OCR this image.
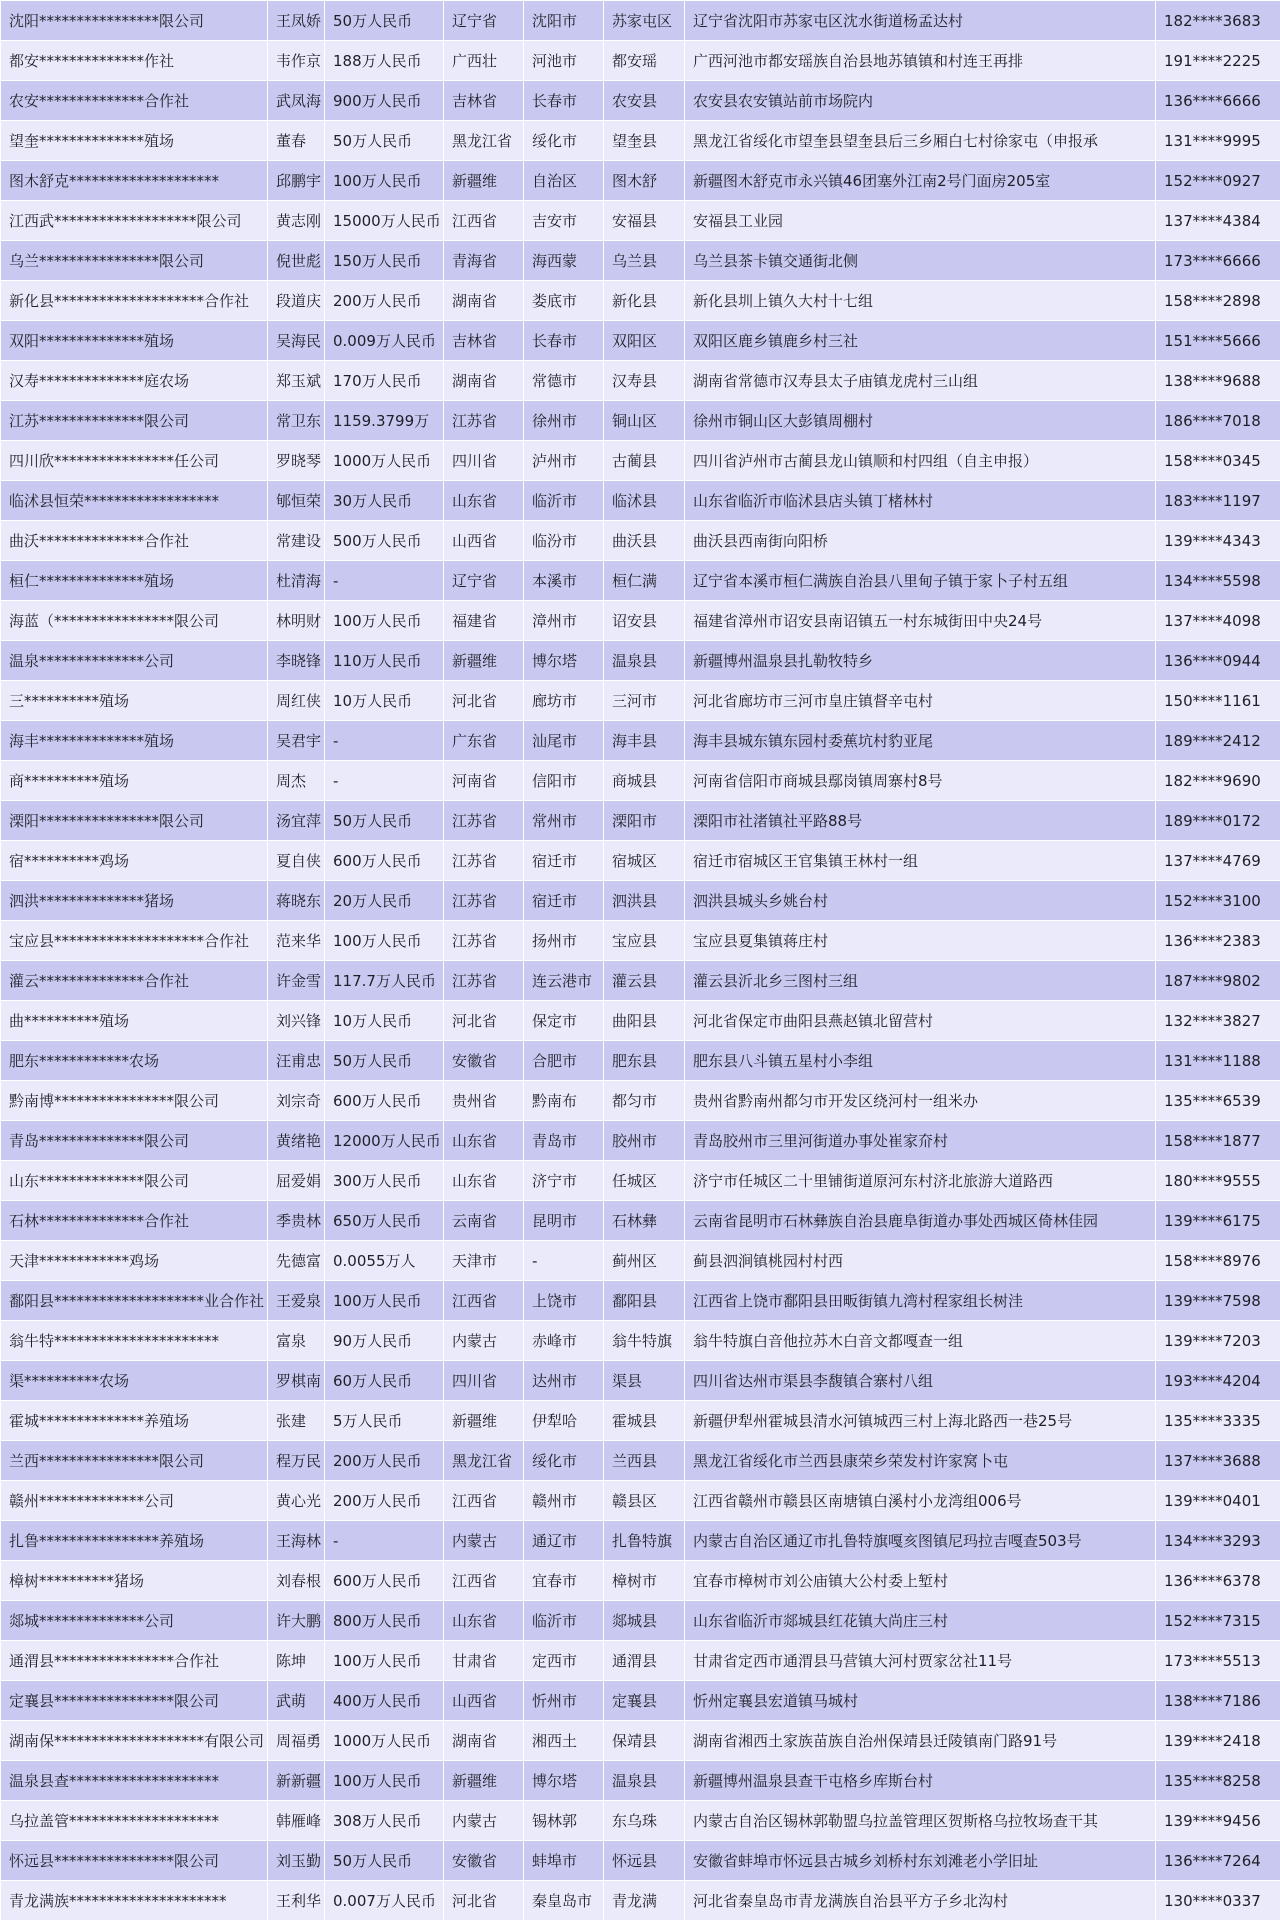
沈阳****************限公司	王凤娇	50万人民币	辽宁省	沈阳市	苏家屯区	辽宁省沈阳市苏家屯区沈水街道杨孟达村	182****3683
都安**************作社	韦作京	188万人民币	广西壮	河池市	都安瑶	广西河池市都安瑶族自治县地苏镇镇和村连王再排	191****2225
农安**************合作社	武凤海	900万人民币	吉林省	长春市	农安县	农安县农安镇站前市场院内	136****6666
望奎**************殖场	董春	50万人民币	黑龙江省	绥化市	望奎县	黑龙江省绥化市望奎县望奎县后三乡厢白七村徐家屯（申报承	131****9995
图木舒克********************	邱鹏宇	100万人民币	新疆维	自治区	图木舒	新疆图木舒克市永兴镇46团塞外江南2号门面房205室	152****0927
江西武*******************限公司	黄志刚	15000万人民币	江西省	吉安市	安福县	安福县工业园	137****4384
乌兰****************限公司	倪世彪	150万人民币	青海省	海西蒙	乌兰县	乌兰县茶卡镇交通街北侧	173****6666
新化县********************合作社	段道庆	200万人民币	湖南省	娄底市	新化县	新化县圳上镇久大村十七组	158****2898
双阳**************殖场	吴海民	0.009万人民币	吉林省	长春市	双阳区	双阳区鹿乡镇鹿乡村三社	151****5666
汉寿**************庭农场	郑玉斌	170万人民币	湖南省	常德市	汉寿县	湖南省常德市汉寿县太子庙镇龙虎村三山组	138****9688
江苏**************限公司	常卫东	1159.3799万	江苏省	徐州市	铜山区	徐州市铜山区大彭镇周棚村	186****7018
四川欣****************任公司	罗晓琴	1000万人民币	四川省	泸州市	古蔺县	四川省泸州市古蔺县龙山镇顺和村四组（自主申报）	158****0345
临沭县恒荣******************	郇恒荣	30万人民币	山东省	临沂市	临沭县	山东省临沂市临沭县店头镇丁楮林村	183****1197
曲沃**************合作社	常建设	500万人民币	山西省	临汾市	曲沃县	曲沃县西南街向阳桥	139****4343
桓仁**************殖场	杜清海	-	辽宁省	本溪市	桓仁满	辽宁省本溪市桓仁满族自治县八里甸子镇于家卜子村五组	134****5598
海蓝（****************限公司	林明财	100万人民币	福建省	漳州市	诏安县	福建省漳州市诏安县南诏镇五一村东城街田中央24号	137****4098
温泉**************公司	李晓锋	110万人民币	新疆维	博尔塔	温泉县	新疆博州温泉县扎勒牧特乡	136****0944
三**********殖场	周红侠	10万人民币	河北省	廊坊市	三河市	河北省廊坊市三河市皇庄镇督辛屯村	150****1161
海丰**************殖场	吴君宇	-	广东省	汕尾市	海丰县	海丰县城东镇东园村委蕉坑村豹亚尾	189****2412
商**********殖场	周杰	-	河南省	信阳市	商城县	河南省信阳市商城县鄢岗镇周寨村8号	182****9690
溧阳****************限公司	汤宜萍	50万人民币	江苏省	常州市	溧阳市	溧阳市社渚镇社平路88号	189****0172
宿**********鸡场	夏自侠	600万人民币	江苏省	宿迁市	宿城区	宿迁市宿城区王官集镇王林村一组	137****4769
泗洪**************猪场	蒋晓东	20万人民币	江苏省	宿迁市	泗洪县	泗洪县城头乡姚台村	152****3100
宝应县********************合作社	范来华	100万人民币	江苏省	扬州市	宝应县	宝应县夏集镇蒋庄村	136****2383
灌云**************合作社	许金雪	117.7万人民币	江苏省	连云港市	灌云县	灌云县沂北乡三图村三组	187****9802
曲**********殖场	刘兴锋	10万人民币	河北省	保定市	曲阳县	河北省保定市曲阳县燕赵镇北留营村	132****3827
肥东************农场	汪甫忠	50万人民币	安徽省	合肥市	肥东县	肥东县八斗镇五星村小李组	131****1188
黔南博****************限公司	刘宗奇	600万人民币	贵州省	黔南布	都匀市	贵州省黔南州都匀市开发区绕河村一组米办	135****6539
青岛**************限公司	黄绪艳	12000万人民币	山东省	青岛市	胶州市	青岛胶州市三里河街道办事处崔家夼村	158****1877
山东**************限公司	屈爱娟	300万人民币	山东省	济宁市	任城区	济宁市任城区二十里铺街道原河东村济北旅游大道路西	180****9555
石林**************合作社	季贵林	650万人民币	云南省	昆明市	石林彝	云南省昆明市石林彝族自治县鹿阜街道办事处西城区倚林佳园	139****6175
天津************鸡场	先德富	0.0055万人	天津市	-	蓟州区	蓟县泗涧镇桃园村村西	158****8976
鄱阳县********************业合作社	王爱泉	100万人民币	江西省	上饶市	鄱阳县	江西省上饶市鄱阳县田畈街镇九湾村程家组长树洼	139****7598
翁牛特**********************	富泉	90万人民币	内蒙古	赤峰市	翁牛特旗	翁牛特旗白音他拉苏木白音文都嘎查一组	139****7203
渠**********农场	罗棋南	60万人民币	四川省	达州市	渠县	四川省达州市渠县李馥镇合寨村八组	193****4204
霍城**************养殖场	张建	5万人民币	新疆维	伊犁哈	霍城县	新疆伊犁州霍城县清水河镇城西三村上海北路西一巷25号	135****3335
兰西****************限公司	程万民	200万人民币	黑龙江省	绥化市	兰西县	黑龙江省绥化市兰西县康荣乡荣发村许家窝卜屯	137****3688
赣州**************公司	黄心光	200万人民币	江西省	赣州市	赣县区	江西省赣州市赣县区南塘镇白溪村小龙湾组006号	139****0401
扎鲁****************养殖场	王海林	-	内蒙古	通辽市	扎鲁特旗	内蒙古自治区通辽市扎鲁特旗嘎亥图镇尼玛拉吉嘎查503号	134****3293
樟树**********猪场	刘春根	600万人民币	江西省	宜春市	樟树市	宜春市樟树市刘公庙镇大公村委上堑村	136****6378
郯城**************公司	许大鹏	800万人民币	山东省	临沂市	郯城县	山东省临沂市郯城县红花镇大尚庄三村	152****7315
通渭县****************合作社	陈坤	100万人民币	甘肃省	定西市	通渭县	甘肃省定西市通渭县马营镇大河村贾家岔社11号	173****5513
定襄县****************限公司	武萌	400万人民币	山西省	忻州市	定襄县	忻州定襄县宏道镇马城村	138****7186
湖南保********************有限公司	周福勇	1000万人民币	湖南省	湘西土	保靖县	湖南省湘西土家族苗族自治州保靖县迁陵镇南门路91号	139****2418
温泉县查********************	新新疆	100万人民币	新疆维	博尔塔	温泉县	新疆博州温泉县查干屯格乡库斯台村	135****8258
乌拉盖管********************	韩雁峰	308万人民币	内蒙古	锡林郭	东乌珠	内蒙古自治区锡林郭勒盟乌拉盖管理区贺斯格乌拉牧场查干其	139****9456
怀远县****************限公司	刘玉勤	50万人民币	安徽省	蚌埠市	怀远县	安徽省蚌埠市怀远县古城乡刘桥村东刘滩老小学旧址	136****7264
青龙满族*********************	王利华	0.007万人民币	河北省	秦皇岛市	青龙满	河北省秦皇岛市青龙满族自治县平方子乡北沟村	130****0337
